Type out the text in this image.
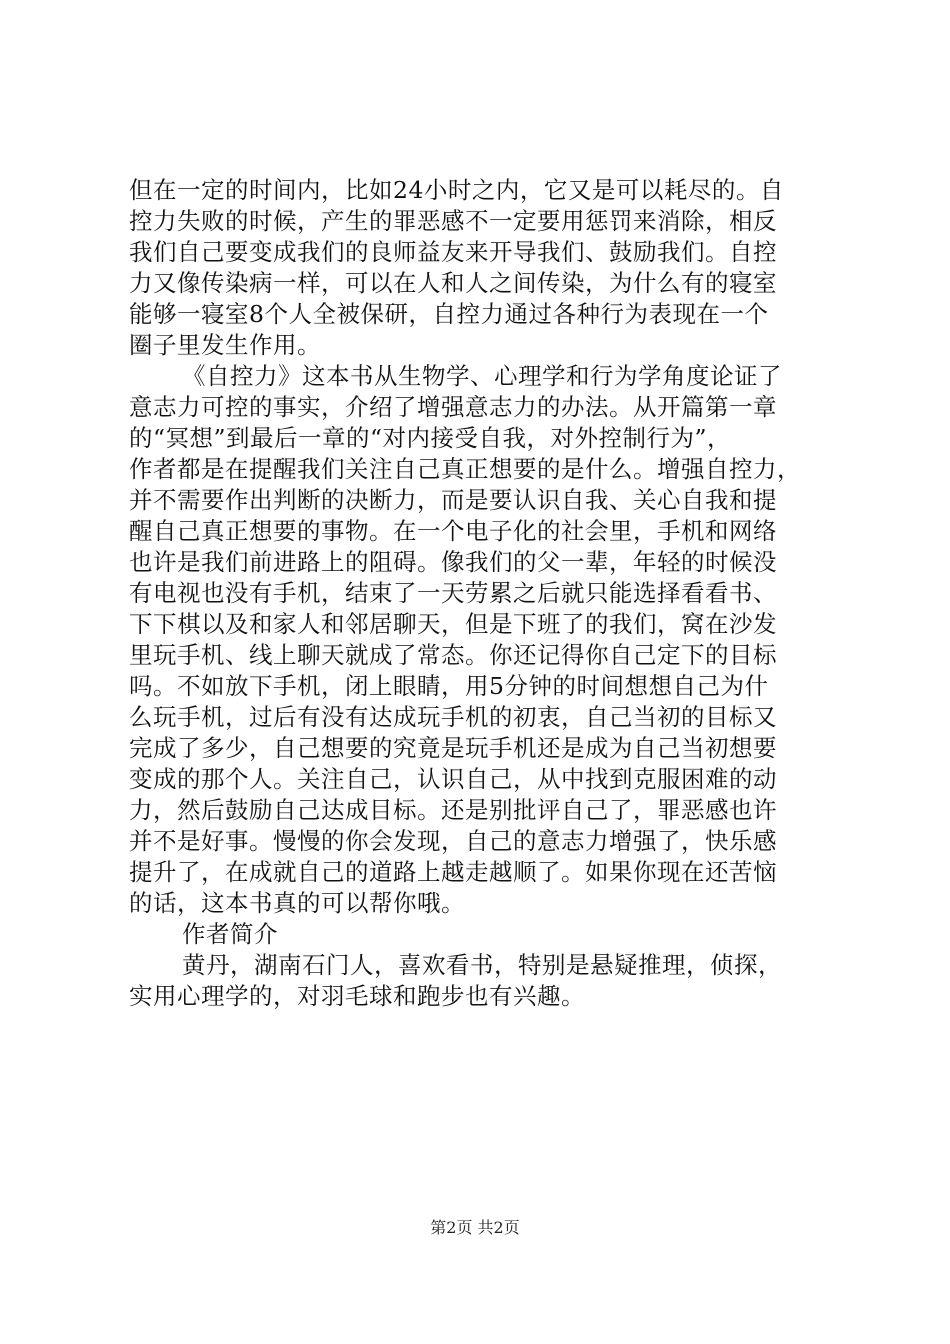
但在一定的时间内，比如24小时之内，它又是可以耗尽的。自
控力失败的时候，产生的罪恶感不一定要用惩罚来消除，相反
我们自己要变成我们的良师益友来开导我们、鼓励我们。自控
力又像传染病一样，可以在人和人之间传染，为什么有的寝室
能够一寝室8个人全被保研，自控力通过各种行为表现在一个
圈子里发生作用。
《自控力》这本书从生物学、心理学和行为学角度论证了
意志力可控的事实，介绍了增强意志力的办法。从开篇第一章
的“冥想”到最后一章的“对内接受自我，对外控制行为”，
作者都是在提醒我们关注自己真正想要的是什么。增强自控力，
并不需要作出判断的决断力，而是要认识自我、关心自我和提
醒自己真正想要的事物。在一个电子化的社会里，手机和网络
也许是我们前进路上的阻碍。像我们的父一辈，年轻的时候没
有电视也没有手机，结束了一天劳累之后就只能选择看看书、
下下棋以及和家人和邻居聊天，但是下班了的我们，窝在沙发
里玩手机、线上聊天就成了常态。你还记得你自己定下的目标
吗。不如放下手机，闭上眼睛，用5分钟的时间想想自己为什
么玩手机，过后有没有达成玩手机的初衷，自己当初的目标又
完成了多少，自己想要的究竟是玩手机还是成为自己当初想要
变成的那个人。关注自己，认识自己，从中找到克服困难的动
力，然后鼓励自己达成目标。还是别批评自己了，罪恶感也许
并不是好事。慢慢的你会发现，自己的意志力增强了，快乐感
提升了，在成就自己的道路上越走越顺了。如果你现在还苦恼
的话，这本书真的可以帮你哦。
作者简介
黄丹，湖南石门人，喜欢看书，特别是悬疑推理，侦探，
实用心理学的，对羽毛球和跑步也有兴趣。
第2页 共2页
